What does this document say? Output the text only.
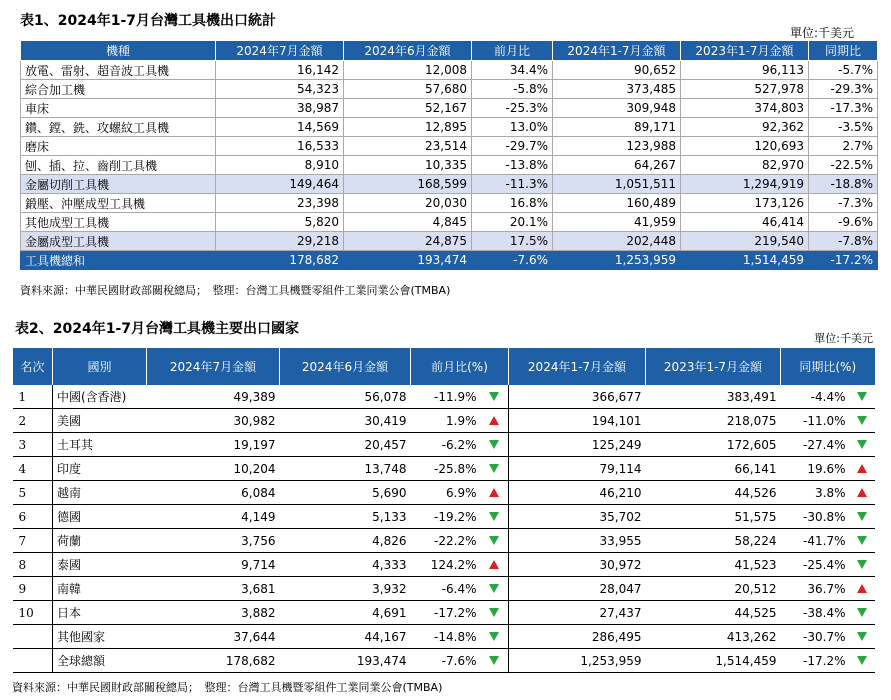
表1、2024年1-7月台灣工具機出口統計
單位:千美元
機種	2024年7月金額	2024年6月金額	前月比	2024年1-7月金額	2023年1-7月金額	同期比
放電、雷射、超音波工具機	16,142	12,008	34.4%	90,652	96,113	-5.7%
綜合加工機	54,323	57,680	-5.8%	373,485	527,978	-29.3%
車床	38,987	52,167	-25.3%	309,948	374,803	-17.3%
鑽、鏜、銑、攻螺紋工具機	14,569	12,895	13.0%	89,171	92,362	-3.5%
磨床	16,533	23,514	-29.7%	123,988	120,693	2.7%
刨、插、拉、齒削工具機	8,910	10,335	-13.8%	64,267	82,970	-22.5%
金屬切削工具機	149,464	168,599	-11.3%	1,051,511	1,294,919	-18.8%
鍛壓、沖壓成型工具機	23,398	20,030	16.8%	160,489	173,126	-7.3%
其他成型工具機	5,820	4,845	20.1%	41,959	46,414	-9.6%
金屬成型工具機	29,218	24,875	17.5%	202,448	219,540	-7.8%
工具機總和	178,682	193,474	-7.6%	1,253,959	1,514,459	-17.2%
資料來源：中華民國財政部關稅總局；　整理：台灣工具機暨零組件工業同業公會(TMBA)
表2、2024年1-7月台灣工具機主要出口國家
單位:千美元
名次	國別	2024年7月金額	2024年6月金額	前月比(%)		2024年1-7月金額	2023年1-7月金額	同期比(%)	
1	中國(含香港)	49,389	56,078	-11.9%		366,677	383,491	-4.4%	
2	美國	30,982	30,419	1.9%		194,101	218,075	-11.0%	
3	土耳其	19,197	20,457	-6.2%		125,249	172,605	-27.4%	
4	印度	10,204	13,748	-25.8%		79,114	66,141	19.6%	
5	越南	6,084	5,690	6.9%		46,210	44,526	3.8%	
6	德國	4,149	5,133	-19.2%		35,702	51,575	-30.8%	
7	荷蘭	3,756	4,826	-22.2%		33,955	58,224	-41.7%	
8	泰國	9,714	4,333	124.2%		30,972	41,523	-25.4%	
9	南韓	3,681	3,932	-6.4%		28,047	20,512	36.7%	
10	日本	3,882	4,691	-17.2%		27,437	44,525	-38.4%	
	其他國家	37,644	44,167	-14.8%		286,495	413,262	-30.7%	
	全球總額	178,682	193,474	-7.6%		1,253,959	1,514,459	-17.2%	
資料來源：中華民國財政部關稅總局；　整理：台灣工具機暨零組件工業同業公會(TMBA)
